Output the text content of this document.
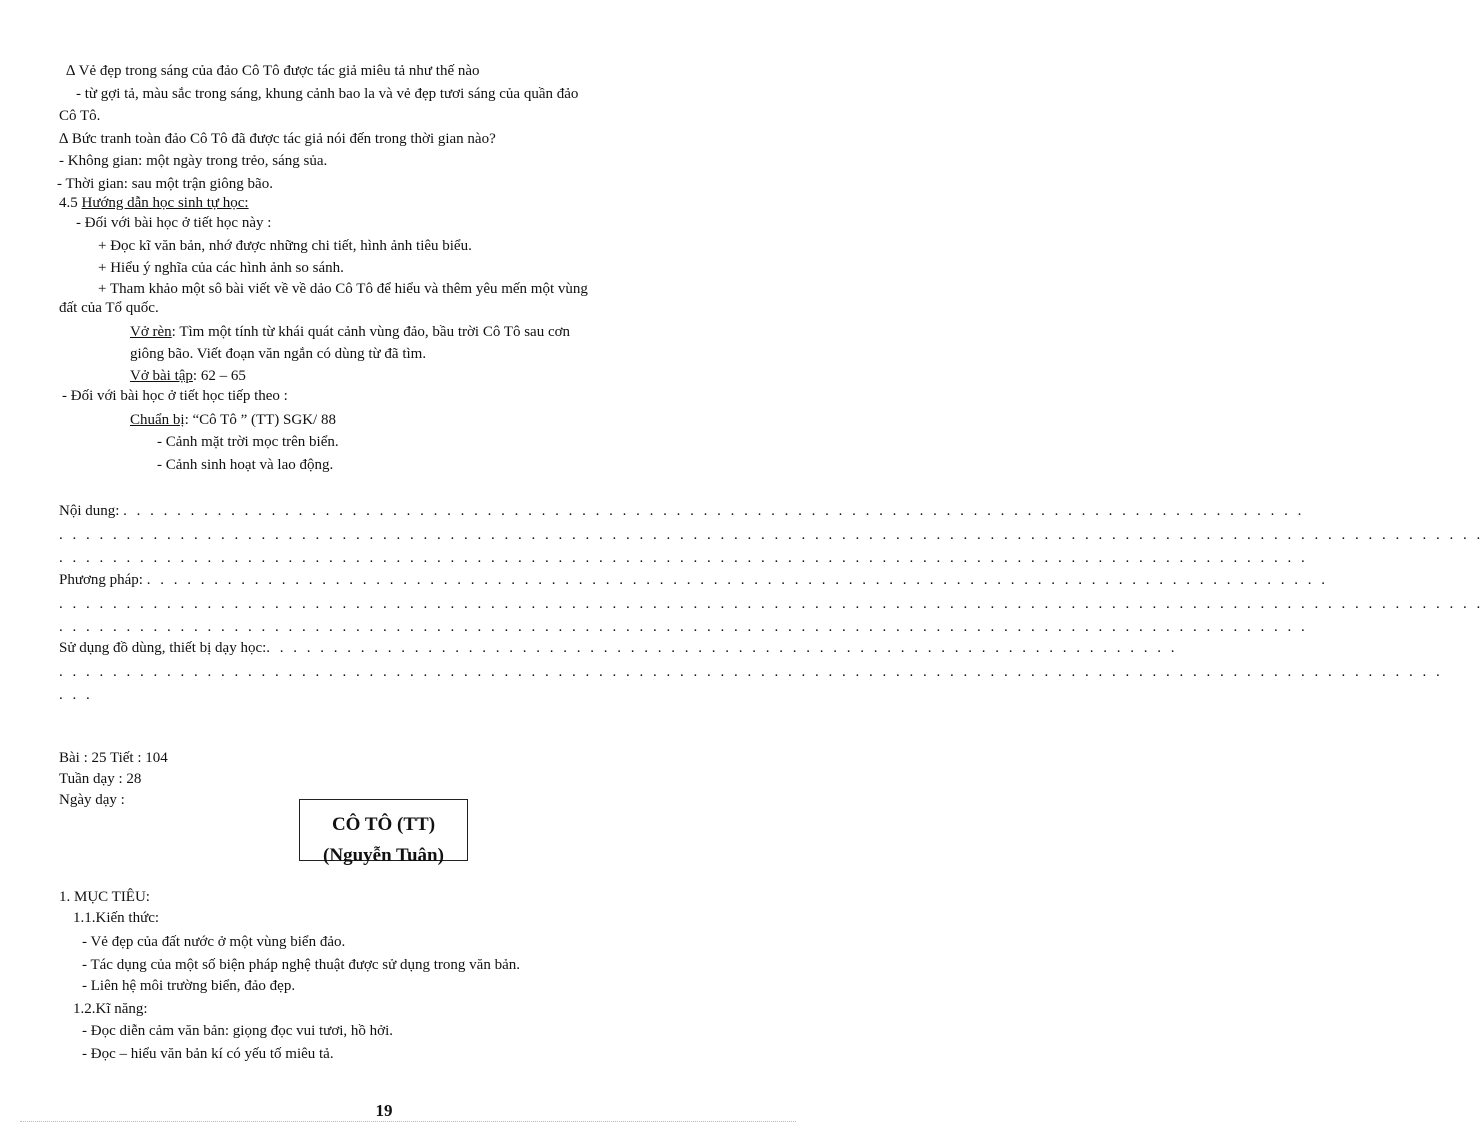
∆ Vẻ đẹp trong sáng của đảo Cô Tô được tác giả miêu tả như thế nào
- từ gợi tả, màu sắc trong sáng, khung cảnh bao la và vẻ đẹp tươi sáng của quần đảo
Cô Tô.
∆ Bức tranh toàn đảo Cô Tô đã được tác giả nói đến trong thời gian nào?
- Không gian: một ngày trong trẻo, sáng sủa.
- Thời gian: sau một trận giông bão.
4.5 Hướng dẫn học sinh tự học:
- Đối với bài học ở tiết học này :
+ Đọc kĩ văn bản, nhớ được những chi tiết, hình ảnh tiêu biểu.
+ Hiểu ý nghĩa của các hình ảnh so sánh.
+ Tham khảo một sô bài viết về về dảo Cô Tô để hiểu và thêm yêu mến một vùng
đất của Tổ quốc.
Vở rèn: Tìm một tính từ khái quát cảnh vùng đảo, bầu trời Cô Tô sau cơn
giông bão. Viết đoạn văn ngắn có dùng từ đã tìm.
Vở bài tập: 62 – 65
- Đối với bài học ở tiết học tiếp theo :
Chuẩn bị: “Cô Tô ” (TT) SGK/ 88
- Cảnh mặt trời mọc trên biển.
- Cảnh sinh hoạt và lao động.
Nội dung: . . . . . . . . . . . . . . . . . . . . . . . . . . . . . . . . . . . . . . . . . . . . . . . . . . . . . . . . . . . . . . . . . . . . . . . . . . . . . . . . . . . . . . . .
. . . . . . . . . . . . . . . . . . . . . . . . . . . . . . . . . . . . . . . . . . . . . . . . . . . . . . . . . . . . . . . . . . . . . . . . . . . . . . . . . . . . . . . . . . . . . . . . . . . . . . . . . .
. . . . . . . . . . . . . . . . . . . . . . . . . . . . . . . . . . . . . . . . . . . . . . . . . . . . . . . . . . . . . . . . . . . . . . . . . . . . . . . . . . . . . . . . . . . . .
Phương pháp: . . . . . . . . . . . . . . . . . . . . . . . . . . . . . . . . . . . . . . . . . . . . . . . . . . . . . . . . . . . . . . . . . . . . . . . . . . . . . . . . . . . . . . . .
. . . . . . . . . . . . . . . . . . . . . . . . . . . . . . . . . . . . . . . . . . . . . . . . . . . . . . . . . . . . . . . . . . . . . . . . . . . . . . . . . . . . . . . . . . . . . . . . . . . . . . . . . .
. . . . . . . . . . . . . . . . . . . . . . . . . . . . . . . . . . . . . . . . . . . . . . . . . . . . . . . . . . . . . . . . . . . . . . . . . . . . . . . . . . . . . . . . . . . . .
Sử dụng đồ dùng, thiết bị dạy học:. . . . . . . . . . . . . . . . . . . . . . . . . . . . . . . . . . . . . . . . . . . . . . . . . . . . . . . . . . . . . . . . . . . .
. . . . . . . . . . . . . . . . . . . . . . . . . . . . . . . . . . . . . . . . . . . . . . . . . . . . . . . . . . . . . . . . . . . . . . . . . . . . . . . . . . . . . . . . . . . . . . . . . . . . . . .
. . .
Bài : 25 Tiết : 104
Tuần dạy : 28
Ngày dạy :
CÔ TÔ (TT)
(Nguyễn Tuân)
1. MỤC TIÊU:
1.1.Kiến thức:
- Vẻ đẹp của đất nước ở một vùng biển đảo.
- Tác dụng của một số biện pháp nghệ thuật được sử dụng trong văn bản.
- Liên hệ môi trường biển, đảo đẹp.
1.2.Kĩ năng:
- Đọc diễn cảm văn bản: giọng đọc vui tươi, hồ hởi.
- Đọc – hiểu văn bản kí có yếu tố miêu tả.
19
